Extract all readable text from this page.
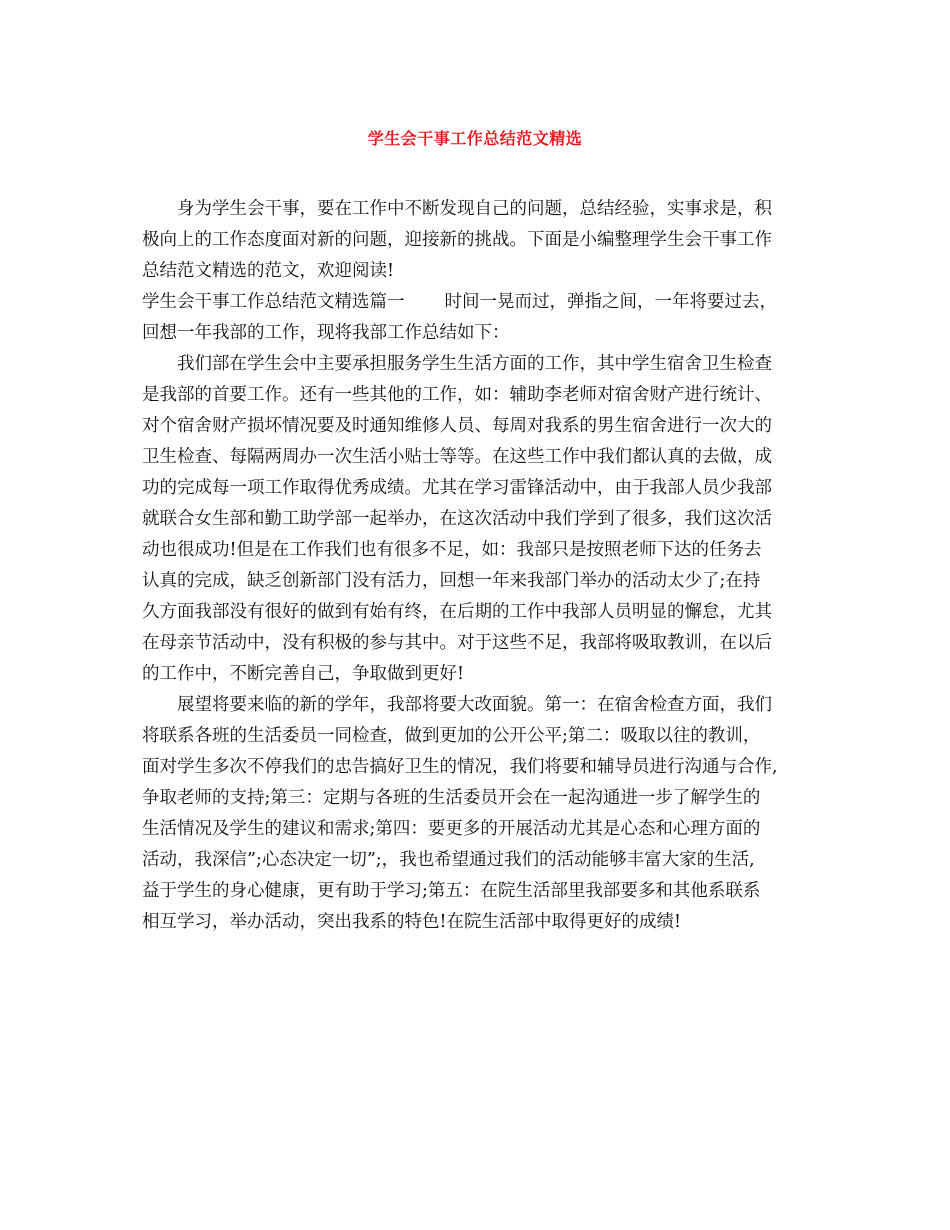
学生会干事工作总结范文精选
身为学生会干事，要在工作中不断发现自己的问题，总结经验，实事求是，积
极向上的工作态度面对新的问题，迎接新的挑战。下面是小编整理学生会干事工作
总结范文精选的范文，欢迎阅读!
学生会干事工作总结范文精选篇一 时间一晃而过，弹指之间，一年将要过去，
回想一年我部的工作，现将我部工作总结如下：
我们部在学生会中主要承担服务学生生活方面的工作，其中学生宿舍卫生检查
是我部的首要工作。还有一些其他的工作，如：辅助李老师对宿舍财产进行统计、
对个宿舍财产损坏情况要及时通知维修人员、每周对我系的男生宿舍进行一次大的
卫生检查、每隔两周办一次生活小贴士等等。在这些工作中我们都认真的去做，成
功的完成每一项工作取得优秀成绩。尤其在学习雷锋活动中，由于我部人员少我部
就联合女生部和勤工助学部一起举办，在这次活动中我们学到了很多，我们这次活
动也很成功!但是在工作我们也有很多不足，如：我部只是按照老师下达的任务去
认真的完成，缺乏创新部门没有活力，回想一年来我部门举办的活动太少了;在持
久方面我部没有很好的做到有始有终，在后期的工作中我部人员明显的懈怠，尤其
在母亲节活动中，没有积极的参与其中。对于这些不足，我部将吸取教训，在以后
的工作中，不断完善自己，争取做到更好!
展望将要来临的新的学年，我部将要大改面貌。第一：在宿舍检查方面，我们
将联系各班的生活委员一同检查，做到更加的公开公平;第二：吸取以往的教训，
面对学生多次不停我们的忠告搞好卫生的情况，我们将要和辅导员进行沟通与合作,
争取老师的支持;第三：定期与各班的生活委员开会在一起沟通进一步了解学生的
生活情况及学生的建议和需求;第四：要更多的开展活动尤其是心态和心理方面的
活动，我深信”;心态决定一切”;，我也希望通过我们的活动能够丰富大家的生活,
益于学生的身心健康，更有助于学习;第五：在院生活部里我部要多和其他系联系
相互学习，举办活动，突出我系的特色!在院生活部中取得更好的成绩!
